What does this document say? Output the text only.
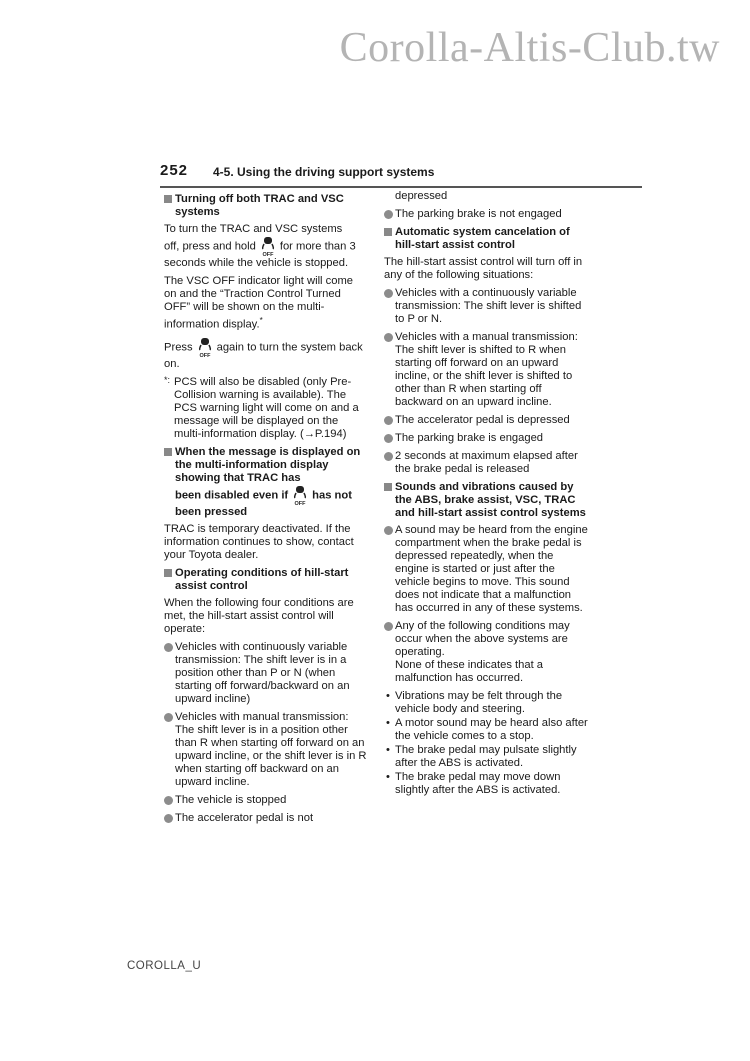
Corolla-Altis-Club.tw
252 4-5. Using the driving support systems
Turning off both TRAC and VSC systems

To turn the TRAC and VSC systems
off, press and hold
OFF
for more than 3 seconds while the vehicle is stopped.

The VSC OFF indicator light will come on and the “Traction Control Turned OFF” will be shown on the multi-information display.*

Press
OFF
again to turn the system back on.

*: PCS will also be disabled (only Pre-Collision warning is available). The PCS warning light will come on and a message will be displayed on the multi-information display. (→P.194)
When the message is displayed on the multi-information display showing that TRAC has
been disabled even if
OFF
has not been pressed

TRAC is temporary deactivated. If the information continues to show, contact your Toyota dealer.

Operating conditions of hill-start assist control

When the following four conditions are met, the hill-start assist control will operate:

Vehicles with continuously variable transmission: The shift lever is in a position other than P or N (when starting off forward/backward on an upward incline)
Vehicles with manual transmission: The shift lever is in a position other than R when starting off forward on an upward incline, or the shift lever is in R when starting off backward on an upward incline.
The vehicle is stopped
The accelerator pedal is not
depressed
The parking brake is not engaged
Automatic system cancelation of hill-start assist control

The hill-start assist control will turn off in any of the following situations:

Vehicles with a continuously variable transmission: The shift lever is shifted to P or N.
Vehicles with a manual transmission: The shift lever is shifted to R when starting off forward on an upward incline, or the shift lever is shifted to other than R when starting off backward on an upward incline.
The accelerator pedal is depressed
The parking brake is engaged
2 seconds at maximum elapsed after the brake pedal is released
Sounds and vibrations caused by the ABS, brake assist, VSC, TRAC and hill-start assist control systems
A sound may be heard from the engine compartment when the brake pedal is depressed repeatedly, when the engine is started or just after the vehicle begins to move. This sound does not indicate that a malfunction has occurred in any of these systems.
Any of the following conditions may occur when the above systems are operating.
None of these indicates that a malfunction has occurred.
• Vibrations may be felt through the vehicle body and steering.
• A motor sound may be heard also after the vehicle comes to a stop.
• The brake pedal may pulsate slightly after the ABS is activated.
• The brake pedal may move down slightly after the ABS is activated.
COROLLA_U
